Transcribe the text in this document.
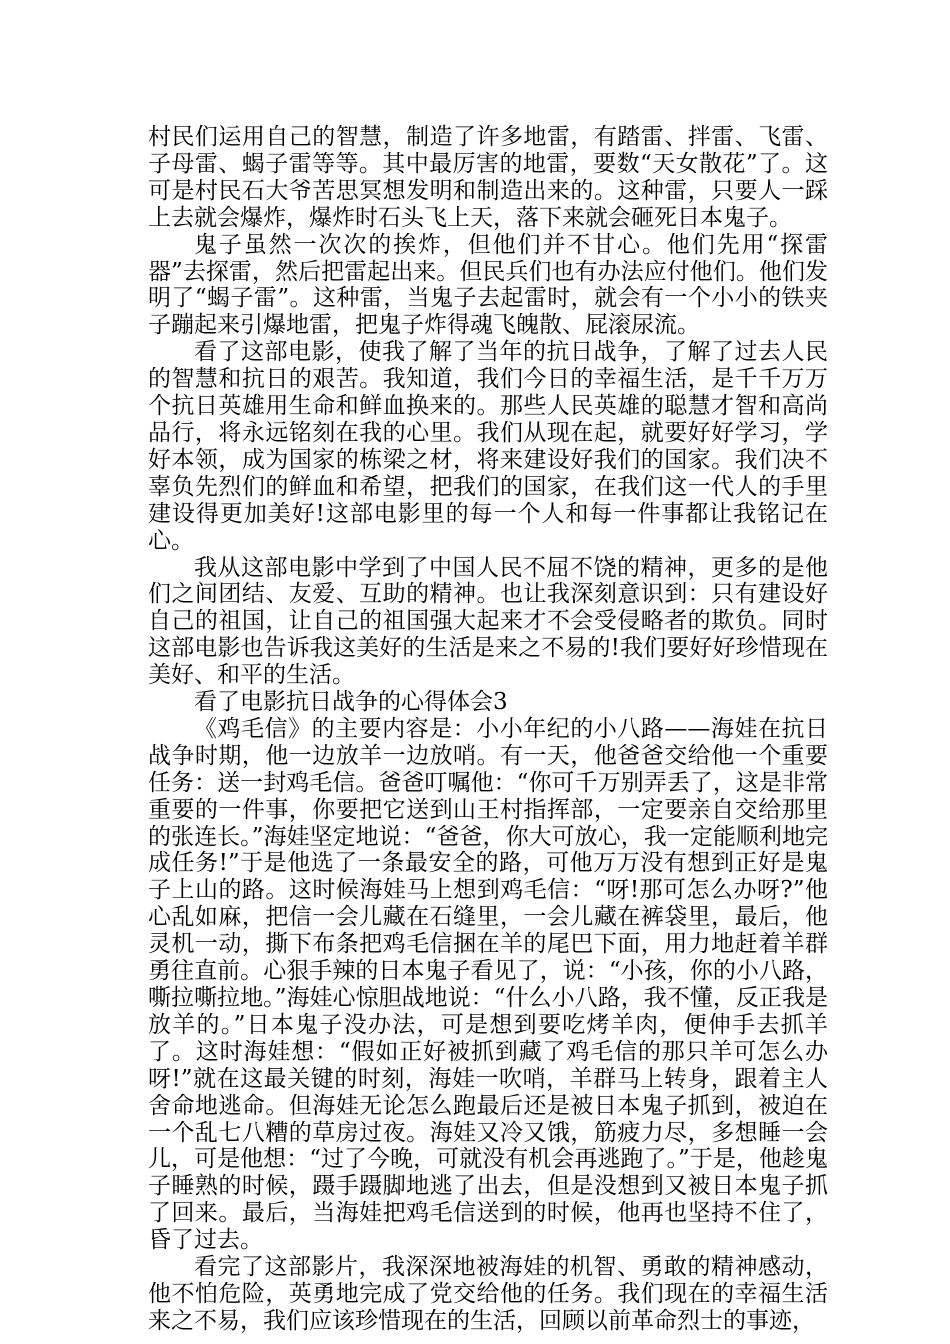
村民们运用自己的智慧，制造了许多地雷，有踏雷、拌雷、飞雷、子母雷、蝎子雷等等。其中最厉害的地雷，要数“天女散花”了。这可是村民石大爷苦思冥想发明和制造出来的。这种雷，只要人一踩上去就会爆炸，爆炸时石头飞上天，落下来就会砸死日本鬼子。

鬼子虽然一次次的挨炸，但他们并不甘心。他们先用“探雷器”去探雷，然后把雷起出来。但民兵们也有办法应付他们。他们发明了“蝎子雷”。这种雷，当鬼子去起雷时，就会有一个小小的铁夹子蹦起来引爆地雷，把鬼子炸得魂飞魄散、屁滚尿流。

看了这部电影，使我了解了当年的抗日战争，了解了过去人民的智慧和抗日的艰苦。我知道，我们今日的幸福生活，是千千万万个抗日英雄用生命和鲜血换来的。那些人民英雄的聪慧才智和高尚品行，将永远铭刻在我的心里。我们从现在起，就要好好学习，学好本领，成为国家的栋梁之材，将来建设好我们的国家。我们决不辜负先烈们的鲜血和希望，把我们的国家，在我们这一代人的手里建设得更加美好!这部电影里的每一个人和每一件事都让我铭记在心。

我从这部电影中学到了中国人民不屈不饶的精神，更多的是他们之间团结、友爱、互助的精神。也让我深刻意识到：只有建设好自己的祖国，让自己的祖国强大起来才不会受侵略者的欺负。同时这部电影也告诉我这美好的生活是来之不易的!我们要好好珍惜现在美好、和平的生活。

看了电影抗日战争的心得体会3

《鸡毛信》的主要内容是：小小年纪的小八路——海娃在抗日战争时期，他一边放羊一边放哨。有一天，他爸爸交给他一个重要任务：送一封鸡毛信。爸爸叮嘱他：“你可千万别弄丢了，这是非常重要的一件事，你要把它送到山王村指挥部，一定要亲自交给那里的张连长。”海娃坚定地说：“爸爸，你大可放心，我一定能顺利地完成任务!”于是他选了一条最安全的路，可他万万没有想到正好是鬼子上山的路。这时候海娃马上想到鸡毛信：“呀!那可怎么办呀?”他心乱如麻，把信一会儿藏在石缝里，一会儿藏在裤袋里，最后，他灵机一动，撕下布条把鸡毛信捆在羊的尾巴下面，用力地赶着羊群勇往直前。心狠手辣的日本鬼子看见了，说：“小孩，你的小八路，嘶拉嘶拉地。”海娃心惊胆战地说：“什么小八路，我不懂，反正我是放羊的。”日本鬼子没办法，可是想到要吃烤羊肉，便伸手去抓羊了。这时海娃想：“假如正好被抓到藏了鸡毛信的那只羊可怎么办呀!”就在这最关键的时刻，海娃一吹哨，羊群马上转身，跟着主人舍命地逃命。但海娃无论怎么跑最后还是被日本鬼子抓到，被迫在一个乱七八糟的草房过夜。海娃又冷又饿，筋疲力尽，多想睡一会儿，可是他想：“过了今晚，可就没有机会再逃跑了。”于是，他趁鬼子睡熟的时候，蹑手蹑脚地逃了出去，但是没想到又被日本鬼子抓了回来。最后，当海娃把鸡毛信送到的时候，他再也坚持不住了，昏了过去。

看完了这部影片，我深深地被海娃的机智、勇敢的精神感动，他不怕危险，英勇地完成了党交给他的任务。我们现在的幸福生活来之不易，我们应该珍惜现在的生活，回顾以前革命烈士的事迹，
